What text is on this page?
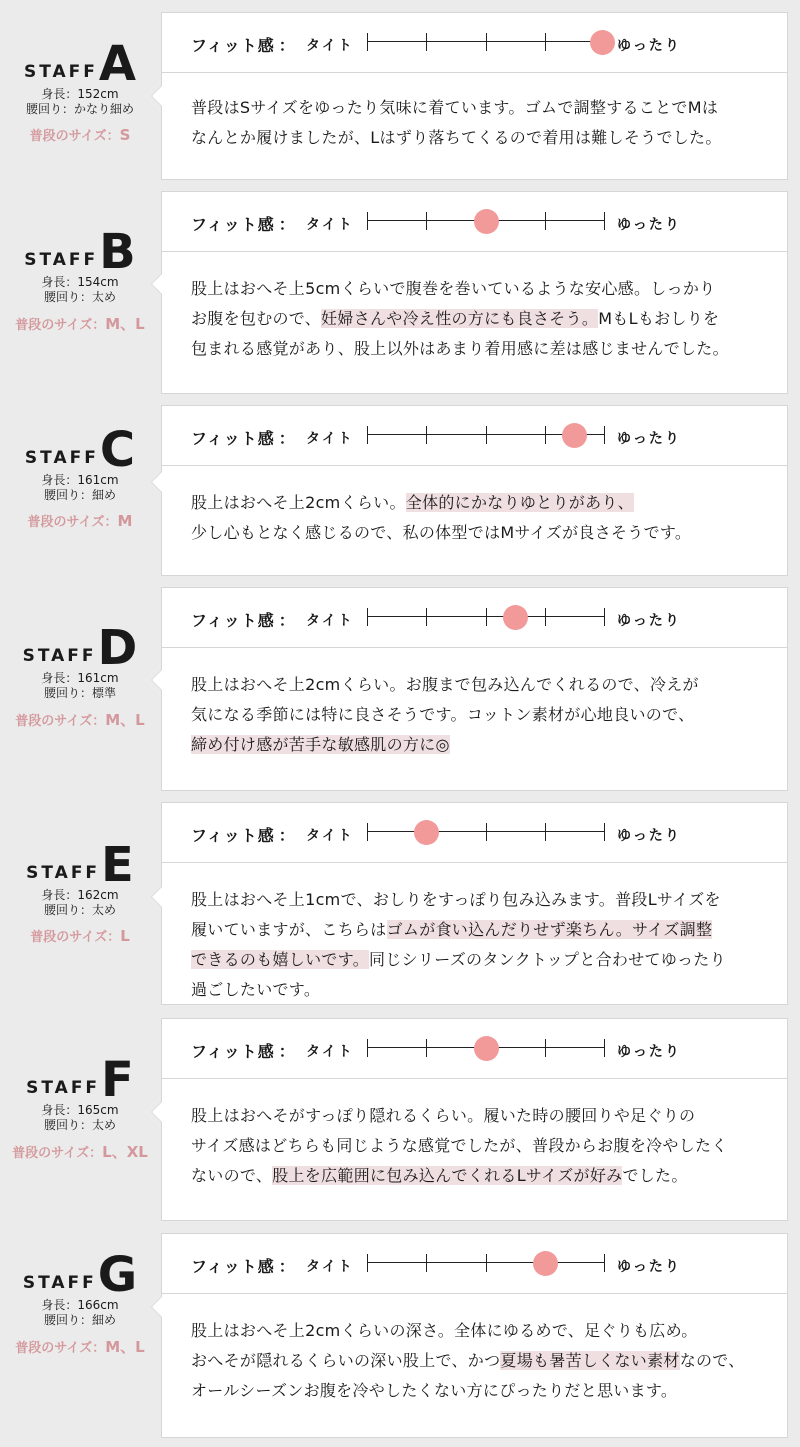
STAFF A
身長：152cm
腰回り：かなり細め
普段のサイズ：S
フィット感 ： タイト	ゆったり
普段はSサイズをゆったり気味に着ています。ゴムで調整することでMは
なんとか履けましたが、Lはずり落ちてくるので着用は難しそうでした。
STAFF B
身長：154cm
腰回り：太め
普段のサイズ：M、L
フィット感 ： タイト	ゆったり
股上はおへそ上5cmくらいで腹巻を巻いているような安心感。しっかり
お腹を包むので、妊婦さんや冷え性の方にも良さそう。MもLもおしりを
包まれる感覚があり、股上以外はあまり着用感に差は感じませんでした。
STAFF C
身長：161cm
腰回り：細め
普段のサイズ：M
フィット感 ： タイト	ゆったり
股上はおへそ上2cmくらい。全体的にかなりゆとりがあり、
少し心もとなく感じるので、私の体型ではMサイズが良さそうです。
STAFF D
身長：161cm
腰回り：標準
普段のサイズ：M、L
フィット感 ： タイト	ゆったり
股上はおへそ上2cmくらい。お腹まで包み込んでくれるので、冷えが
気になる季節には特に良さそうです。コットン素材が心地良いので、
締め付け感が苦手な敏感肌の方に◎
STAFF E
身長：162cm
腰回り：太め
普段のサイズ：L
フィット感 ： タイト	ゆったり
股上はおへそ上1cmで、おしりをすっぽり包み込みます。普段Lサイズを
履いていますが、こちらはゴムが食い込んだりせず楽ちん。サイズ調整
できるのも嬉しいです。同じシリーズのタンクトップと合わせてゆったり
過ごしたいです。
STAFF F
身長：165cm
腰回り：太め
普段のサイズ：L、XL
フィット感 ： タイト	ゆったり
股上はおへそがすっぽり隠れるくらい。履いた時の腰回りや足ぐりの
サイズ感はどちらも同じような感覚でしたが、普段からお腹を冷やしたく
ないので、股上を広範囲に包み込んでくれるLサイズが好みでした。
STAFF G
身長：166cm
腰回り：細め
普段のサイズ：M、L
フィット感 ： タイト	ゆったり
股上はおへそ上2cmくらいの深さ。全体にゆるめで、足ぐりも広め。
おへそが隠れるくらいの深い股上で、かつ夏場も暑苦しくない素材なので、
オールシーズンお腹を冷やしたくない方にぴったりだと思います。
